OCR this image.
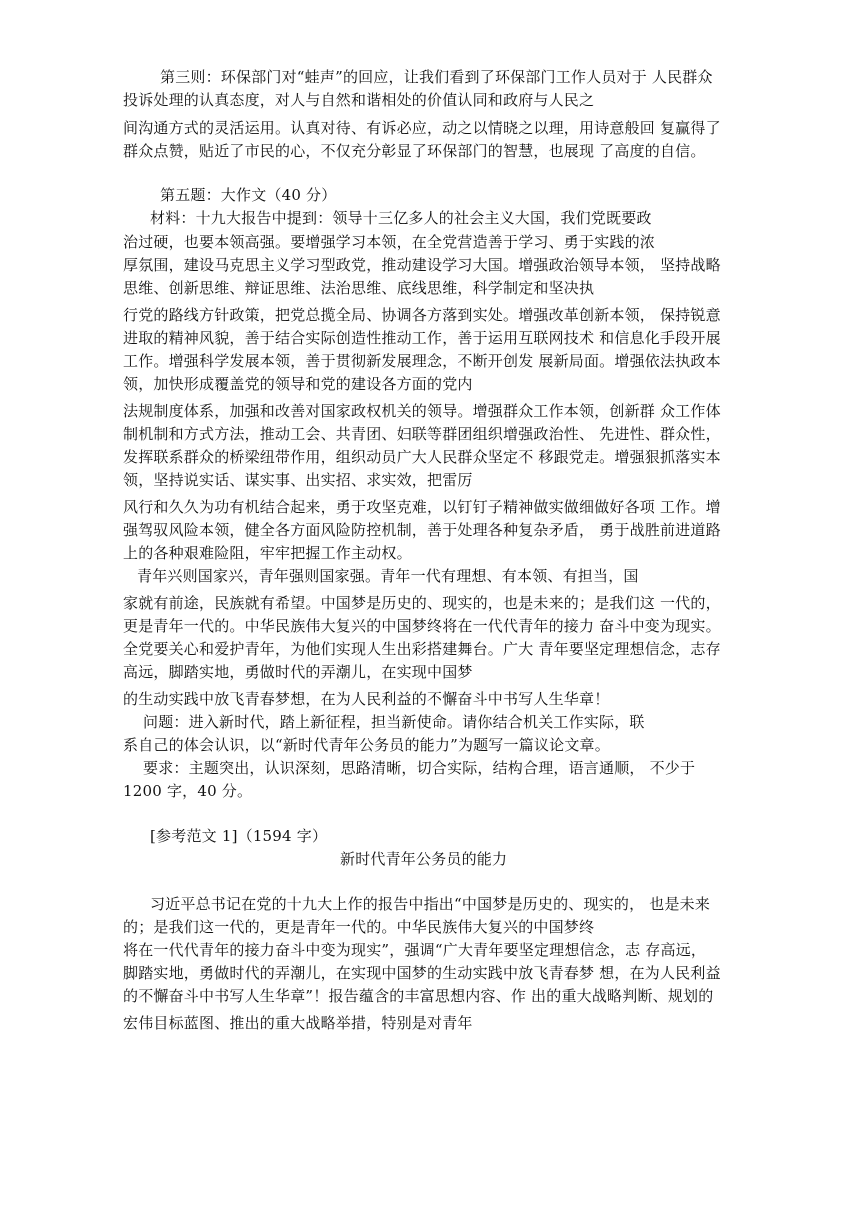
第三则：环保部门对“蛙声”的回应，让我们看到了环保部门工作人员对于 人民群众
投诉处理的认真态度，对人与自然和谐相处的价值认同和政府与人民之
间沟通方式的灵活运用。认真对待、有诉必应，动之以情晓之以理，用诗意般回 复赢得了
群众点赞，贴近了市民的心，不仅充分彰显了环保部门的智慧，也展现 了高度的自信。
第五题：大作文（40 分）
材料：十九大报告中提到：领导十三亿多人的社会主义大国，我们党既要政
治过硬，也要本领高强。要增强学习本领，在全党营造善于学习、勇于实践的浓
厚氛围，建设马克思主义学习型政党，推动建设学习大国。增强政治领导本领， 坚持战略
思维、创新思维、辩证思维、法治思维、底线思维，科学制定和坚决执
行党的路线方针政策，把党总揽全局、协调各方落到实处。增强改革创新本领， 保持锐意
进取的精神风貌，善于结合实际创造性推动工作，善于运用互联网技术 和信息化手段开展
工作。增强科学发展本领，善于贯彻新发展理念，不断开创发 展新局面。增强依法执政本
领，加快形成覆盖党的领导和党的建设各方面的党内
法规制度体系，加强和改善对国家政权机关的领导。增强群众工作本领，创新群 众工作体
制机制和方式方法，推动工会、共青团、妇联等群团组织增强政治性、 先进性、群众性，
发挥联系群众的桥梁纽带作用，组织动员广大人民群众坚定不 移跟党走。增强狠抓落实本
领，坚持说实话、谋实事、出实招、求实效，把雷厉
风行和久久为功有机结合起来，勇于攻坚克难，以钉钉子精神做实做细做好各项 工作。增
强驾驭风险本领，健全各方面风险防控机制，善于处理各种复杂矛盾， 勇于战胜前进道路
上的各种艰难险阻，牢牢把握工作主动权。
青年兴则国家兴，青年强则国家强。青年一代有理想、有本领、有担当，国
家就有前途，民族就有希望。中国梦是历史的、现实的，也是未来的；是我们这 一代的，
更是青年一代的。中华民族伟大复兴的中国梦终将在一代代青年的接力 奋斗中变为现实。
全党要关心和爱护青年，为他们实现人生出彩搭建舞台。广大 青年要坚定理想信念，志存
高远，脚踏实地，勇做时代的弄潮儿，在实现中国梦
的生动实践中放飞青春梦想，在为人民利益的不懈奋斗中书写人生华章！
问题：进入新时代，踏上新征程，担当新使命。请你结合机关工作实际，联
系自己的体会认识，以“新时代青年公务员的能力”为题写一篇议论文章。
要求：主题突出，认识深刻，思路清晰，切合实际，结构合理，语言通顺， 不少于
1200 字，40 分。
[参考范文 1]（1594 字）
新时代青年公务员的能力
习近平总书记在党的十九大上作的报告中指出“中国梦是历史的、现实的， 也是未来
的；是我们这一代的，更是青年一代的。中华民族伟大复兴的中国梦终
将在一代代青年的接力奋斗中变为现实”，强调“广大青年要坚定理想信念，志 存高远，
脚踏实地，勇做时代的弄潮儿，在实现中国梦的生动实践中放飞青春梦 想，在为人民利益
的不懈奋斗中书写人生华章”！报告蕴含的丰富思想内容、作 出的重大战略判断、规划的
宏伟目标蓝图、推出的重大战略举措，特别是对青年
